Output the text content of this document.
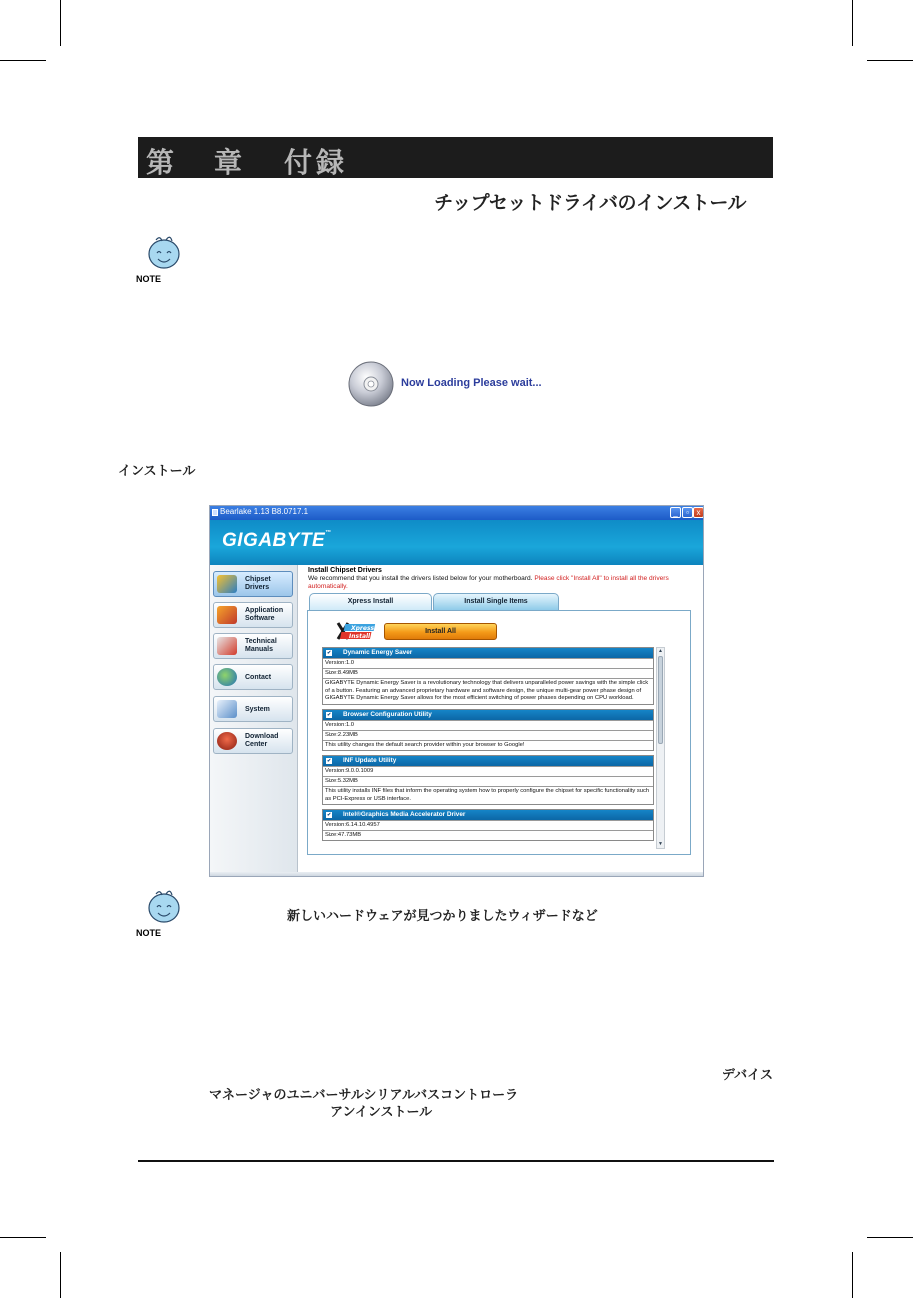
第 章 付録
チップセットドライバのインストール
NOTE
Now Loading Please wait...
インストール
Bearlake 1.13 B8.0717.1	_	▫ x
GIGABYTE™
Chipset Drivers
Application Software
Technical Manuals
Contact
System
Download Center
Install Chipset Drivers
We recommend that you install the drivers listed below for your motherboard. Please click "Install All" to install all the drivers automatically.
Xpress Install	Install Single Items
Xpress
Install
Install All
✔ Dynamic Energy Saver
Version:1.0
Size:8.49MB
GIGABYTE Dynamic Energy Saver is a revolutionary technology that delivers unparalleled power savings with the simple click of a button. Featuring an advanced proprietary hardware and software design, the unique multi-gear power phase design of GIGABYTE Dynamic Energy Saver allows for the most efficient switching of power phases depending on CPU workload.
✔ Browser Configuration Utility
Version:1.0
Size:2.23MB
This utility changes the default search provider within your browser to Google!
✔ INF Update Utility
Version:9.0.0.1009
Size:5.32MB
This utility installs INF files that inform the operating system how to properly configure the chipset for specific functionality such as PCI-Express or USB interface.
✔ Intel®Graphics Media Accelerator Driver
Version:6.14.10.4957
Size:47.73MB
▲
▼
NOTE
新しいハードウェアが見つかりましたウィザードなど
デバイス
マネージャのユニバーサルシリアルバスコントローラ
アンインストール
